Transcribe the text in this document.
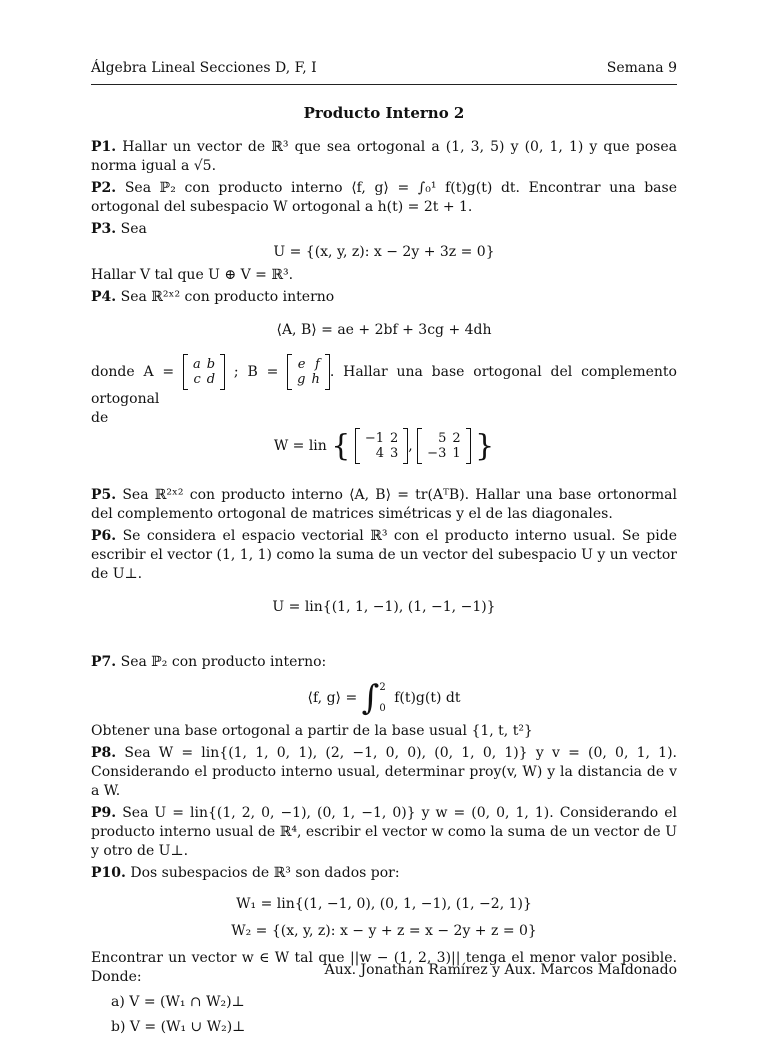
Álgebra Lineal Secciones D, F, I	Semana 9
Producto Interno 2
P1. Hallar un vector de ℝ³ que sea ortogonal a (1, 3, 5) y (0, 1, 1) y que posea norma igual a √5.
P2. Sea ℙ₂ con producto interno ⟨f, g⟩ = ∫₀¹ f(t)g(t) dt. Encontrar una base ortogonal del subespacio W ortogonal a h(t) = 2t + 1.
P3. Sea
U = {(x, y, z): x − 2y + 3z = 0}
Hallar V tal que U ⊕ V = ℝ³.
P4. Sea ℝ²ˣ² con producto interno
⟨A, B⟩ = ae + 2bf + 3cg + 4dh
donde A = a	b
c	d ; B = e	f
g	h . Hallar una base ortogonal del complemento ortogonal
de
W = lin { −1	2
4	3 , 5	2
−3	1 }
P5. Sea ℝ²ˣ² con producto interno ⟨A, B⟩ = tr(AᵀB). Hallar una base ortonormal del complemento ortogonal de matrices simétricas y el de las diagonales.
P6. Se considera el espacio vectorial ℝ³ con el producto interno usual. Se pide escribir el vector (1, 1, 1) como la suma de un vector del subespacio U y un vector de U⊥.
U = lin{(1, 1, −1), (1, −1, −1)}
P7. Sea ℙ₂ con producto interno:
⟨f, g⟩ = ∫ 2
0
f(t)g(t) dt
Obtener una base ortogonal a partir de la base usual {1, t, t²}
P8. Sea W = lin{(1, 1, 0, 1), (2, −1, 0, 0), (0, 1, 0, 1)} y v = (0, 0, 1, 1). Considerando el producto interno usual, determinar proy(v, W) y la distancia de v a W.
P9. Sea U = lin{(1, 2, 0, −1), (0, 1, −1, 0)} y w = (0, 0, 1, 1). Considerando el producto interno usual de ℝ⁴, escribir el vector w como la suma de un vector de U y otro de U⊥.
P10. Dos subespacios de ℝ³ son dados por:
W₁ = lin{(1, −1, 0), (0, 1, −1), (1, −2, 1)}
W₂ = {(x, y, z): x − y + z = x − 2y + z = 0}
Encontrar un vector w ∈ W tal que ||w − (1, 2, 3)|| tenga el menor valor posible. Donde:
a) V = (W₁ ∩ W₂)⊥
b) V = (W₁ ∪ W₂)⊥
Aux. Jonathan Ramírez y Aux. Marcos Maldonado
